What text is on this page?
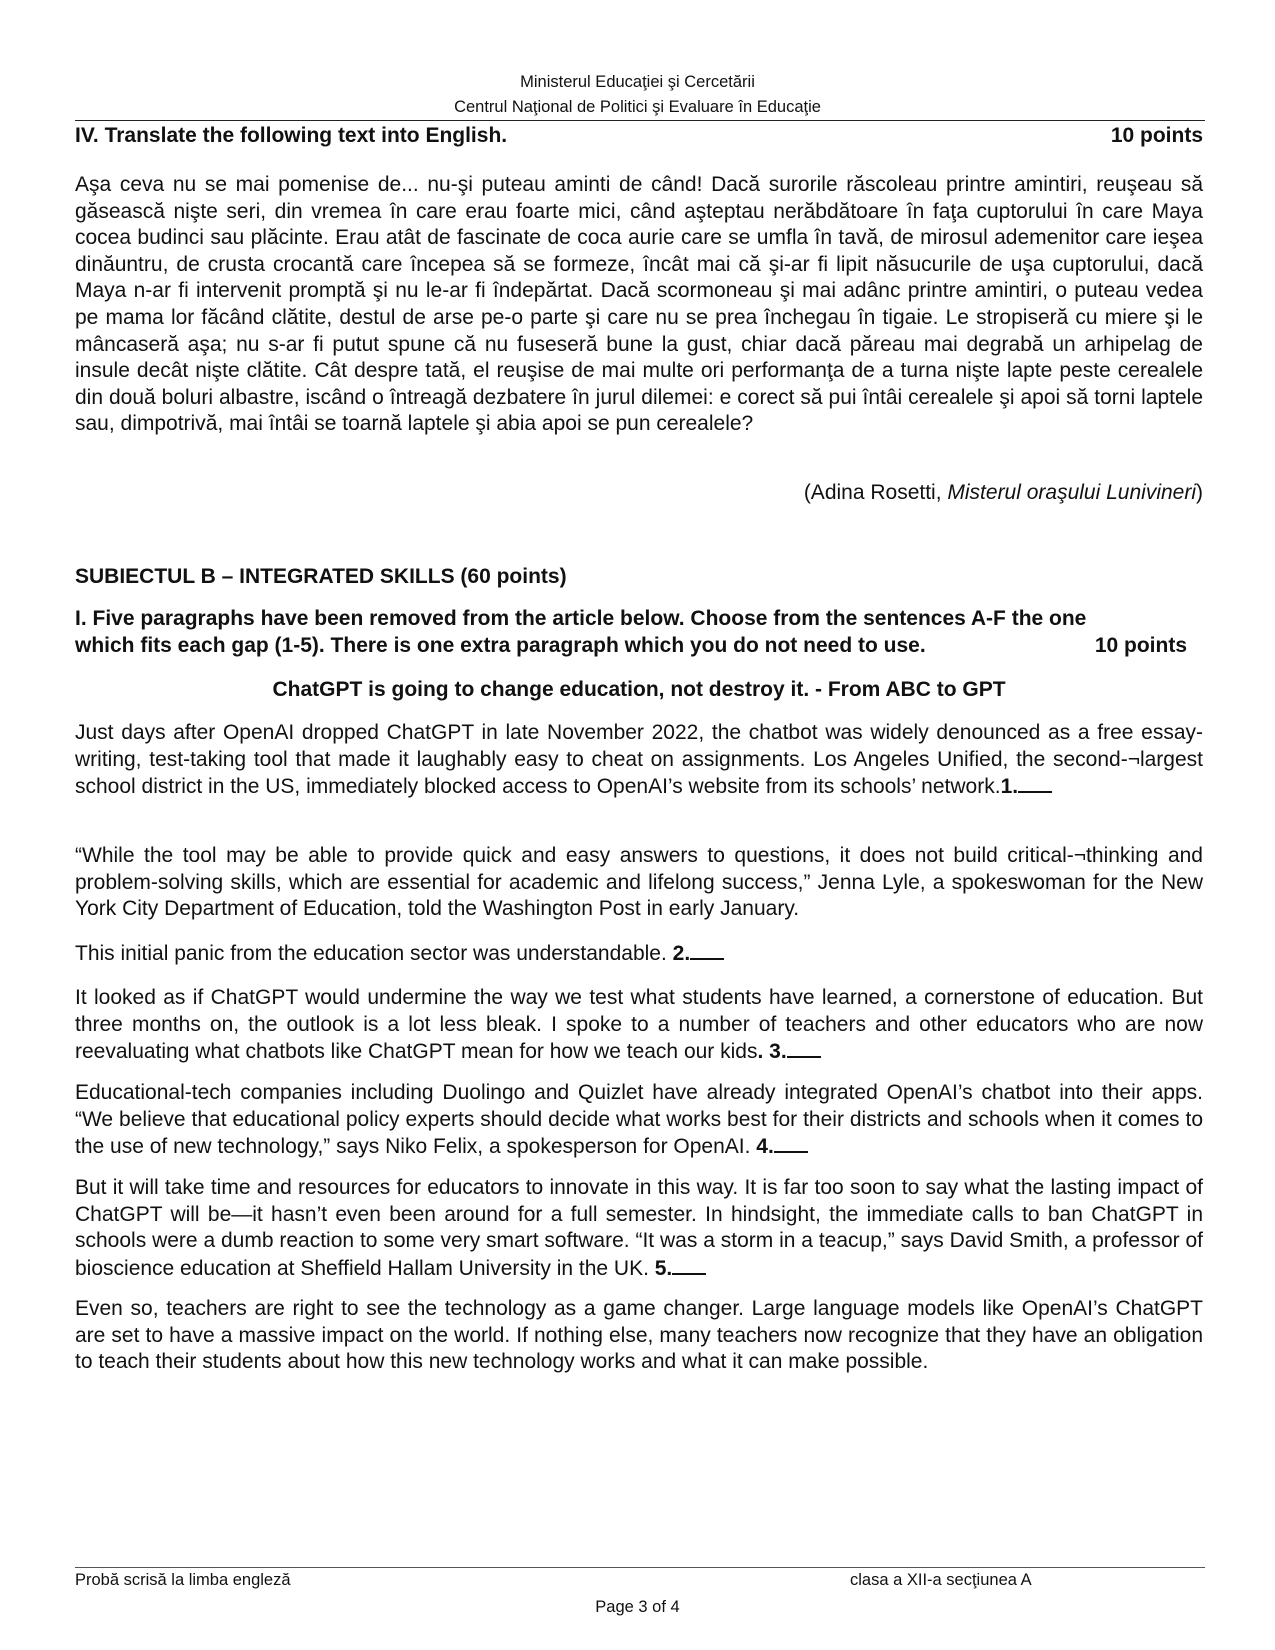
Ministerul Educaţiei şi Cercetării
Centrul Naţional de Politici şi Evaluare în Educaţie
IV. Translate the following text into English.	10 points
Aşa ceva nu se mai pomenise de... nu-şi puteau aminti de când! Dacă surorile răscoleau printre amintiri, reuşeau să găsească nişte seri, din vremea în care erau foarte mici, când aşteptau nerăbdătoare în faţa cuptorului în care Maya cocea budinci sau plăcinte. Erau atât de fascinate de coca aurie care se umfla în tavă, de mirosul ademenitor care ieşea dinăuntru, de crusta crocantă care începea să se formeze, încât mai că şi-ar fi lipit năsucurile de uşa cuptorului, dacă Maya n-ar fi intervenit promptă şi nu le-ar fi îndepărtat. Dacă scormoneau şi mai adânc printre amintiri, o puteau vedea pe mama lor făcând clătite, destul de arse pe-o parte şi care nu se prea închegau în tigaie. Le stropiseră cu miere şi le mâncaseră aşa; nu s-ar fi putut spune că nu fuseseră bune la gust, chiar dacă păreau mai degrabă un arhipelag de insule decât nişte clătite. Cât despre tată, el reuşise de mai multe ori performanţa de a turna nişte lapte peste cerealele din două boluri albastre, iscând o întreagă dezbatere în jurul dilemei: e corect să pui întâi cerealele şi apoi să torni laptele sau, dimpotrivă, mai întâi se toarnă laptele şi abia apoi se pun cerealele?
(Adina Rosetti, Misterul oraşului Lunivineri)
SUBIECTUL B – INTEGRATED SKILLS (60 points)
I. Five paragraphs have been removed from the article below. Choose from the sentences A-F the one
which fits each gap (1-5). There is one extra paragraph which you do not need to use.	10 points
ChatGPT is going to change education, not destroy it. - From ABC to GPT
Just days after OpenAI dropped ChatGPT in late November 2022, the chatbot was widely denounced as a free essay-writing, test-taking tool that made it laughably easy to cheat on assignments. Los Angeles Unified, the second-¬largest school district in the US, immediately blocked access to OpenAI’s website from its schools’ network.1.
“While the tool may be able to provide quick and easy answers to questions, it does not build critical-¬thinking and problem-solving skills, which are essential for academic and lifelong success,” Jenna Lyle, a spokeswoman for the New York City Department of Education, told the Washington Post in early January.
This initial panic from the education sector was understandable. 2.
It looked as if ChatGPT would undermine the way we test what students have learned, a cornerstone of education. But three months on, the outlook is a lot less bleak. I spoke to a number of teachers and other educators who are now reevaluating what chatbots like ChatGPT mean for how we teach our kids. 3.
Educational-tech companies including Duolingo and Quizlet have already integrated OpenAI’s chatbot into their apps. “We believe that educational policy experts should decide what works best for their districts and schools when it comes to the use of new technology,” says Niko Felix, a spokesperson for OpenAI. 4.
But it will take time and resources for educators to innovate in this way. It is far too soon to say what the lasting impact of ChatGPT will be—it hasn’t even been around for a full semester. In hindsight, the immediate calls to ban ChatGPT in schools were a dumb reaction to some very smart software. “It was a storm in a teacup,” says David Smith, a professor of bioscience education at Sheffield Hallam University in the UK. 5.
Even so, teachers are right to see the technology as a game changer. Large language models like OpenAI’s ChatGPT are set to have a massive impact on the world. If nothing else, many teachers now recognize that they have an obligation to teach their students about how this new technology works and what it can make possible.
Probă scrisă la limba engleză	clasa a XII-a secţiunea A
Page 3 of 4
